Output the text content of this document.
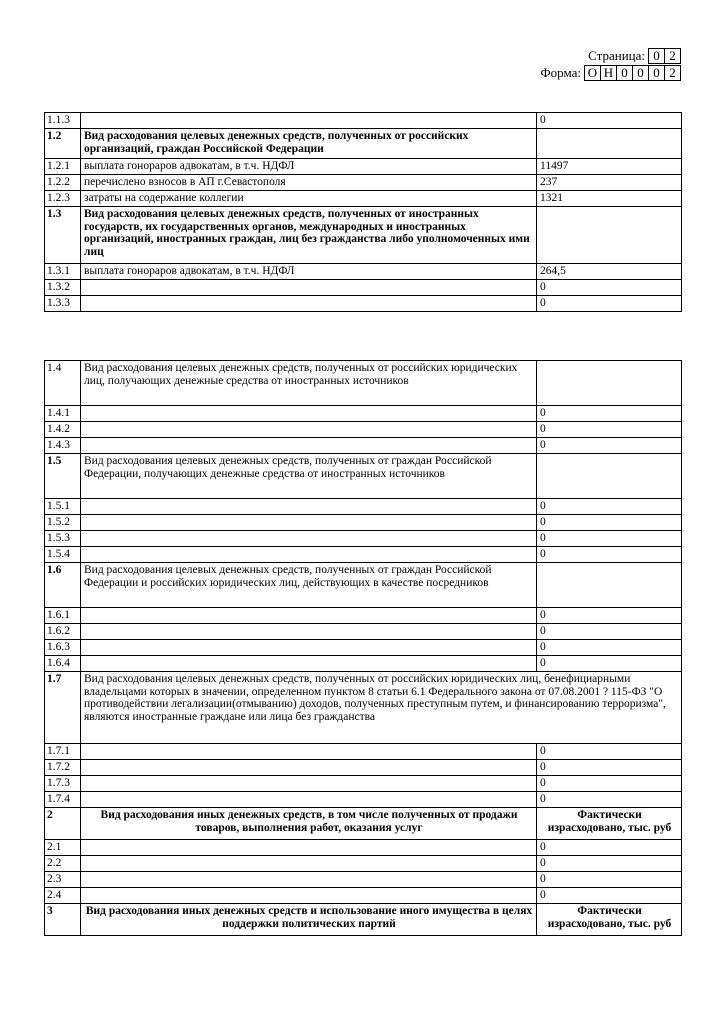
Страница: 0 2
Форма: О Н 0 0 0 2
1.1.3		0
1.2	Вид расходования целевых денежных средств, полученных от российских организаций, граждан Российской Федерации	
1.2.1	выплата гонораров адвокатам, в т.ч. НДФЛ	11497
1.2.2	перечислено взносов в АП г.Севастополя	237
1.2.3	затраты на содержание коллегии	1321
1.3	Вид расходования целевых денежных средств, полученных от иностранных государств, их государственных органов, международных и иностранных организаций, иностранных граждан, лиц без гражданства либо уполномоченных ими лиц	
1.3.1	выплата гонораров адвокатам, в т.ч. НДФЛ	264,5
1.3.2		0
1.3.3		0
1.4	Вид расходования целевых денежных средств, полученных от российских юридических лиц, получающих денежные средства от иностранных источников	
1.4.1		0
1.4.2		0
1.4.3		0
1.5	Вид расходования целевых денежных средств, полученных от граждан Российской Федерации, получающих денежные средства от иностранных источников	
1.5.1		0
1.5.2		0
1.5.3		0
1.5.4		0
1.6	Вид расходования целевых денежных средств, полученных от граждан Российской Федерации и российских юридических лиц, действующих в качестве посредников	
1.6.1		0
1.6.2		0
1.6.3		0
1.6.4		0
1.7	Вид расходования целевых денежных средств, полученных от российских юридических лиц, бенефициарными владельцами которых в значении, определенном пунктом 8 статьи 6.1 Федерального закона от 07.08.2001 ? 115-ФЗ "О противодействии легализации(отмыванию) доходов, полученных преступным путем, и финансированию терроризма", являются иностранные граждане или лица без гражданства	
1.7.1		0
1.7.2		0
1.7.3		0
1.7.4		0
2	Вид расходования иных денежных средств, в том числе полученных от продажи товаров, выполнения работ, оказания услуг	Фактически израсходовано, тыс. руб
2.1		0
2.2		0
2.3		0
2.4		0
3	Вид расходования иных денежных средств и использование иного имущества в целях поддержки политических партий	Фактически израсходовано, тыс. руб
